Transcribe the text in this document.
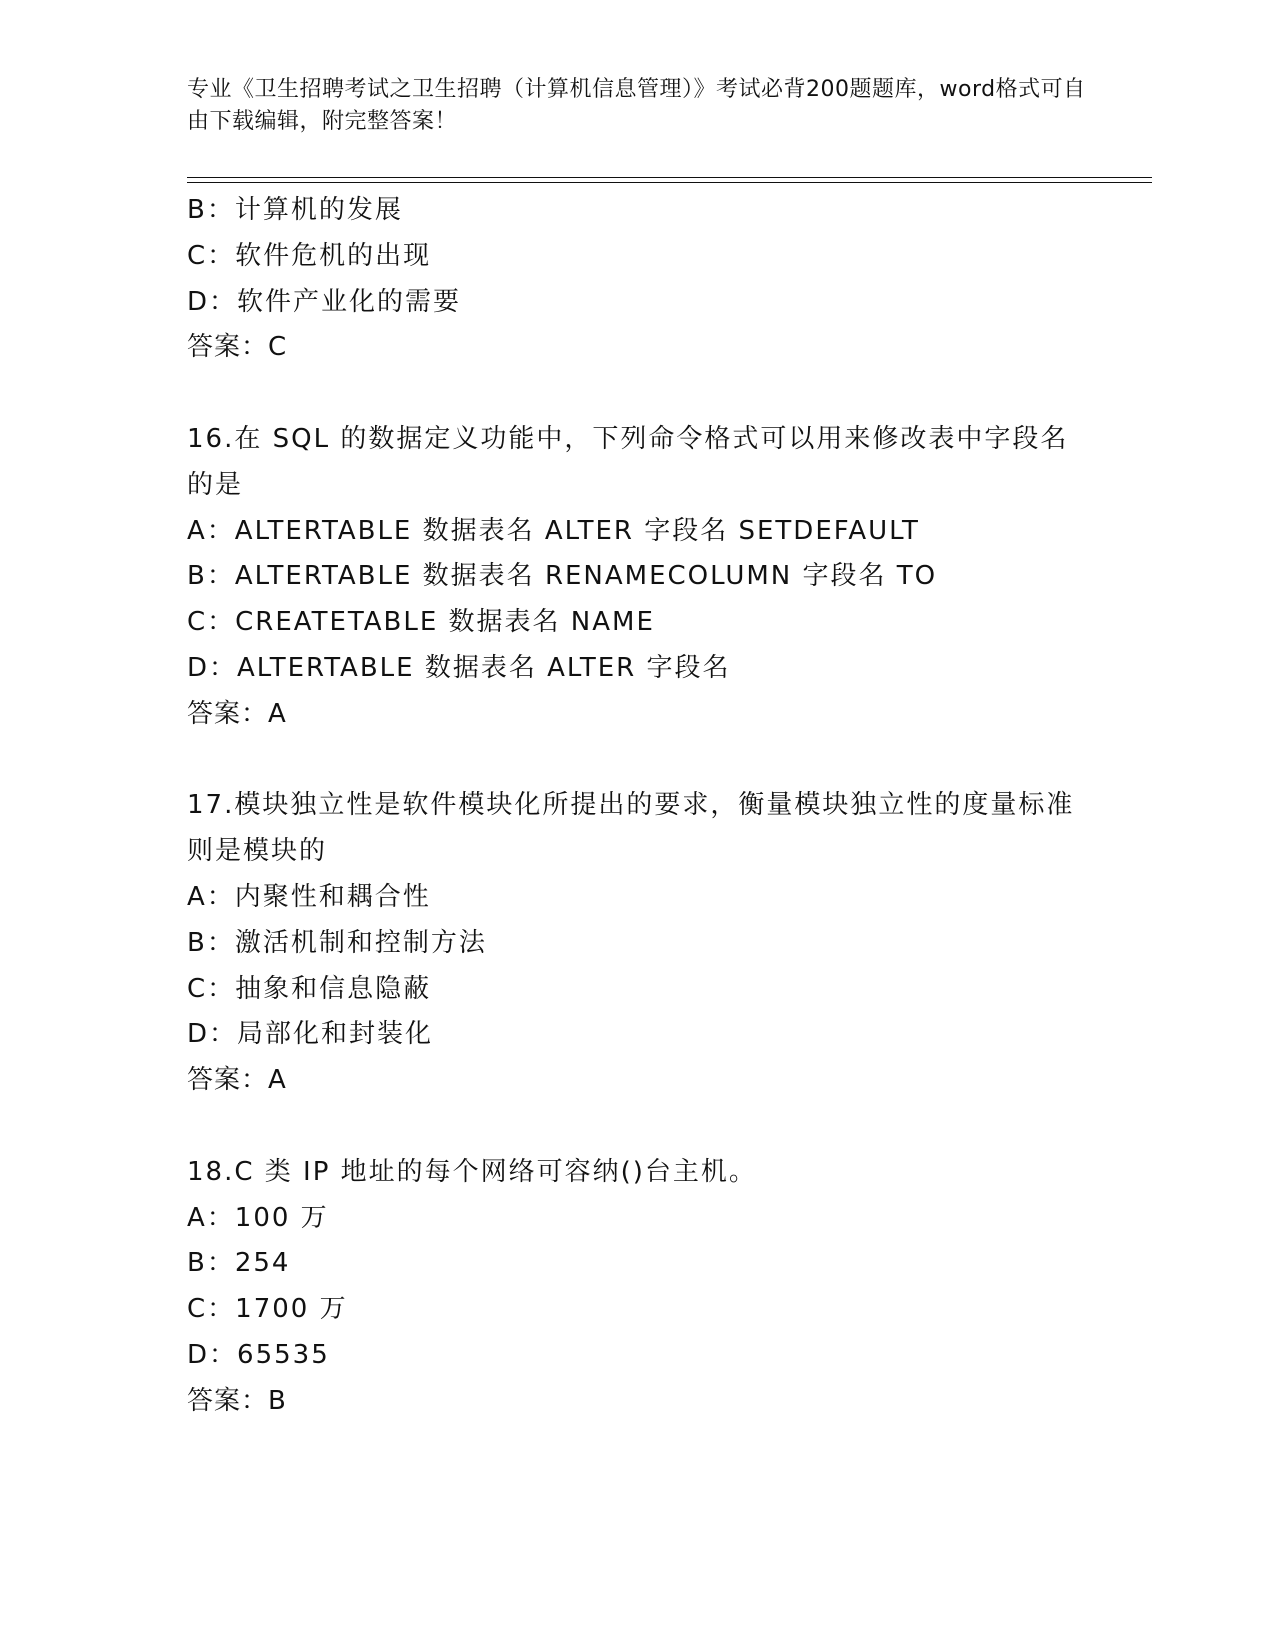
专业《卫生招聘考试之卫生招聘（计算机信息管理）》考试必背200题题库，word格式可自由下载编辑，附完整答案！
B：计算机的发展
C：软件危机的出现
D：软件产业化的需要
答案：C
16.在 SQL 的数据定义功能中，下列命令格式可以用来修改表中字段名的是
A：ALTERTABLE 数据表名 ALTER 字段名 SETDEFAULT
B：ALTERTABLE 数据表名 RENAMECOLUMN 字段名 TO
C：CREATETABLE 数据表名 NAME
D：ALTERTABLE 数据表名 ALTER 字段名
答案：A
17.模块独立性是软件模块化所提出的要求，衡量模块独立性的度量标准则是模块的
A：内聚性和耦合性
B：激活机制和控制方法
C：抽象和信息隐蔽
D：局部化和封装化
答案：A
18.C 类 IP 地址的每个网络可容纳()台主机。
A：100 万
B：254
C：1700 万
D：65535
答案：B
